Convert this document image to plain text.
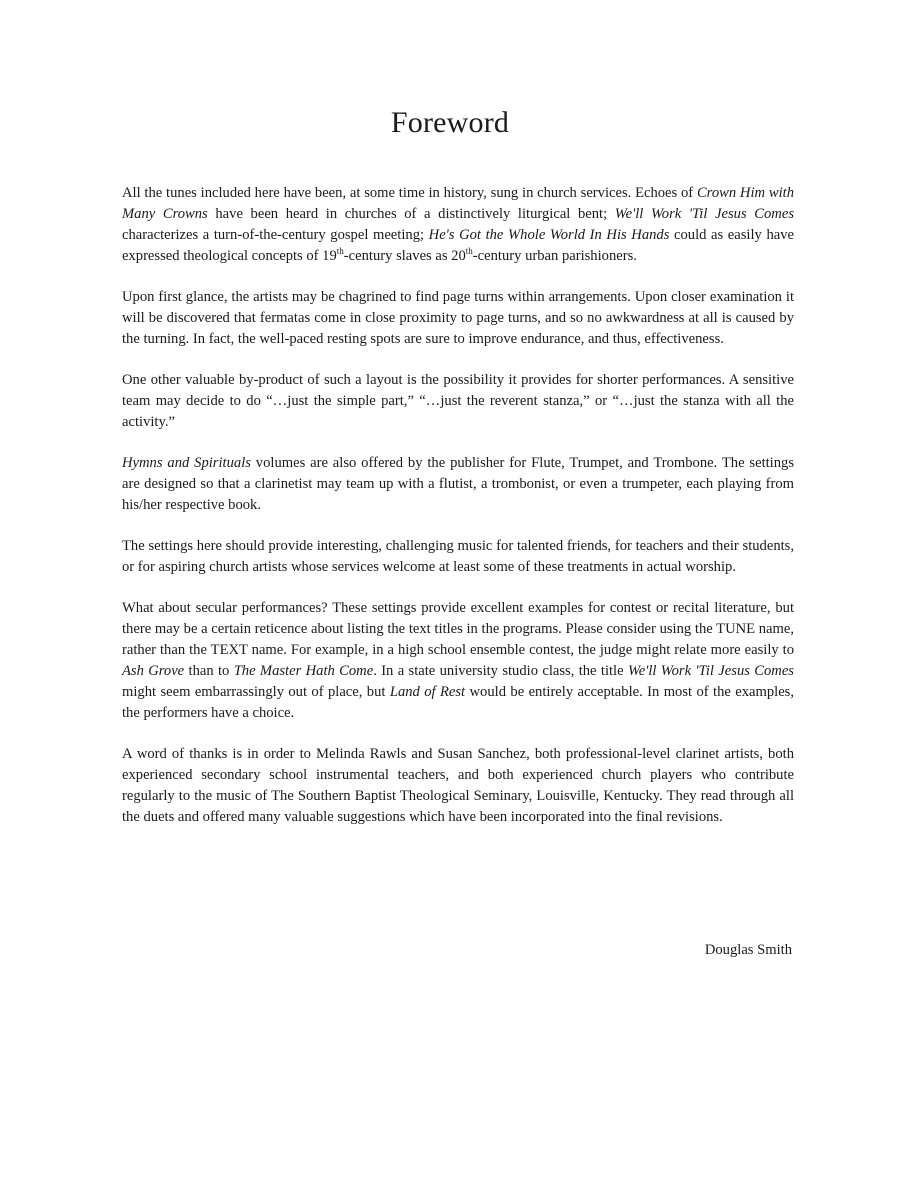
Foreword

All the tunes included here have been, at some time in history, sung in church services. Echoes of Crown Him with Many Crowns have been heard in churches of a distinctively liturgical bent; We'll Work 'Til Jesus Comes characterizes a turn-of-the-century gospel meeting; He's Got the Whole World In His Hands could as easily have expressed theological concepts of 19th-century slaves as 20th-century urban parishioners.

Upon first glance, the artists may be chagrined to find page turns within arrangements. Upon closer examination it will be discovered that fermatas come in close proximity to page turns, and so no awkwardness at all is caused by the turning. In fact, the well-paced resting spots are sure to improve endurance, and thus, effectiveness.

One other valuable by-product of such a layout is the possibility it provides for shorter performances. A sensitive team may decide to do “…just the simple part,” “…just the reverent stanza,” or “…just the stanza with all the activity.”

Hymns and Spirituals volumes are also offered by the publisher for Flute, Trumpet, and Trombone. The settings are designed so that a clarinetist may team up with a flutist, a trombonist, or even a trumpeter, each playing from his/her respective book.

The settings here should provide interesting, challenging music for talented friends, for teachers and their students, or for aspiring church artists whose services welcome at least some of these treatments in actual worship.

What about secular performances? These settings provide excellent examples for contest or recital literature, but there may be a certain reticence about listing the text titles in the programs. Please consider using the TUNE name, rather than the TEXT name. For example, in a high school ensemble contest, the judge might relate more easily to Ash Grove than to The Master Hath Come. In a state university studio class, the title We'll Work 'Til Jesus Comes might seem embarrassingly out of place, but Land of Rest would be entirely acceptable. In most of the examples, the performers have a choice.

A word of thanks is in order to Melinda Rawls and Susan Sanchez, both professional-level clarinet artists, both experienced secondary school instrumental teachers, and both experienced church players who contribute regularly to the music of The Southern Baptist Theological Seminary, Louisville, Kentucky. They read through all the duets and offered many valuable suggestions which have been incorporated into the final revisions.

Douglas Smith
